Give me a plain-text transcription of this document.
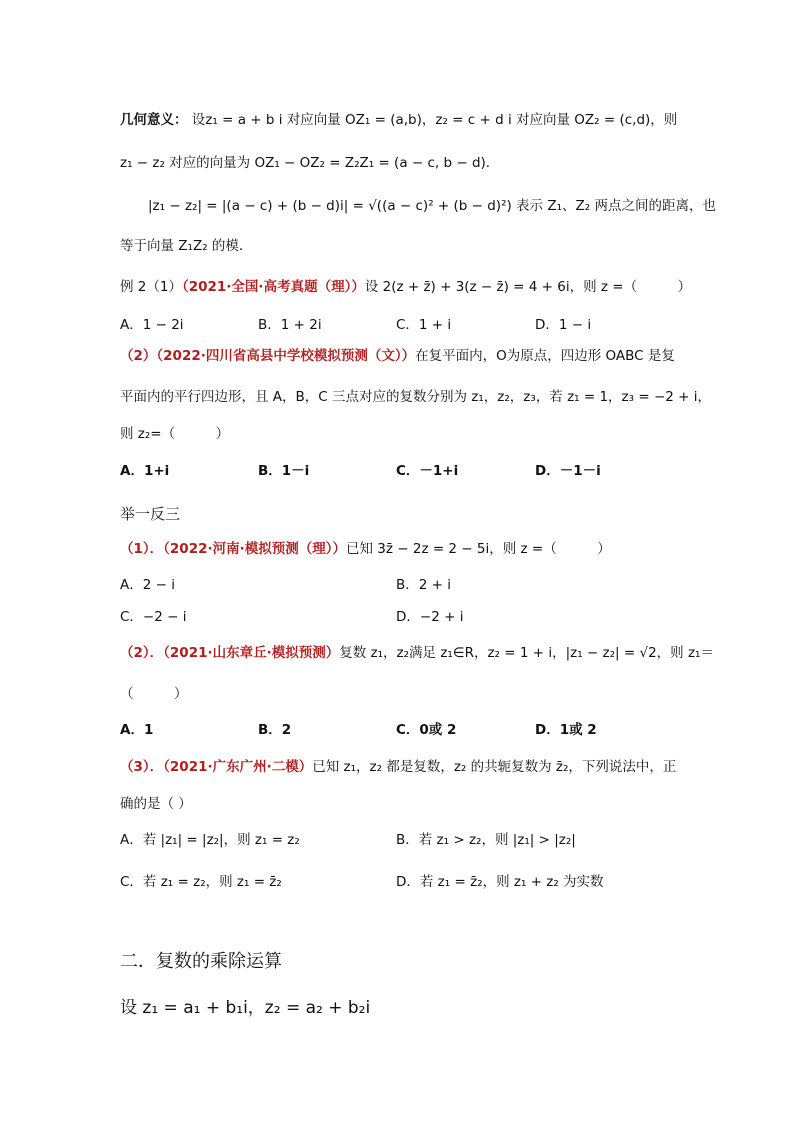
几何意义： 设z₁ = a + b i 对应向量 OZ₁ = (a,b)，z₂ = c + d i 对应向量 OZ₂ = (c,d)，则
z₁ − z₂ 对应的向量为 OZ₁ − OZ₂ = Z₂Z₁ = (a − c, b − d)．
|z₁ − z₂| = |(a − c) + (b − d)i| = √((a − c)² + (b − d)²) 表示 Z₁、Z₂ 两点之间的距离，也
等于向量 Z₁Z₂ 的模．
例 2（1）（2021·全国·高考真题（理））设 2(z + z̄) + 3(z − z̄) = 4 + 6i，则 z =（　　　）
A．1 − 2i	B．1 + 2i	C．1 + i	D．1 − i
（2）（2022·四川省高县中学校模拟预测（文））在复平面内，O为原点，四边形 OABC 是复
平面内的平行四边形，且 A，B，C 三点对应的复数分别为 z₁，z₂，z₃，若 z₁ = 1，z₃ = −2 + i，
则 z₂=（　　　）
A．1+i	B．1－i	C．－1+i	D．－1－i
举一反三
（1）．（2022·河南·模拟预测（理））已知 3z̄ − 2z = 2 − 5i，则 z =（　　　）
A．2 − i	B．2 + i
C．−2 − i	D．−2 + i
（2）．（2021·山东章丘·模拟预测）复数 z₁，z₂满足 z₁∈R，z₂ = 1 + i，|z₁ − z₂| = √2，则 z₁＝
（　　　）
A．1	B．2	C．0或 2	D．1或 2
（3）．（2021·广东广州·二模）已知 z₁，z₂ 都是复数，z₂ 的共轭复数为 z̄₂，下列说法中，正
确的是（ ）
A．若 |z₁| = |z₂|，则 z₁ = z₂	B．若 z₁ > z₂，则 |z₁| > |z₂|
C．若 z₁ = z₂，则 z₁ = z̄₂	D．若 z₁ = z̄₂，则 z₁ + z₂ 为实数
二．复数的乘除运算
设 z₁ = a₁ + b₁i，z₂ = a₂ + b₂i
